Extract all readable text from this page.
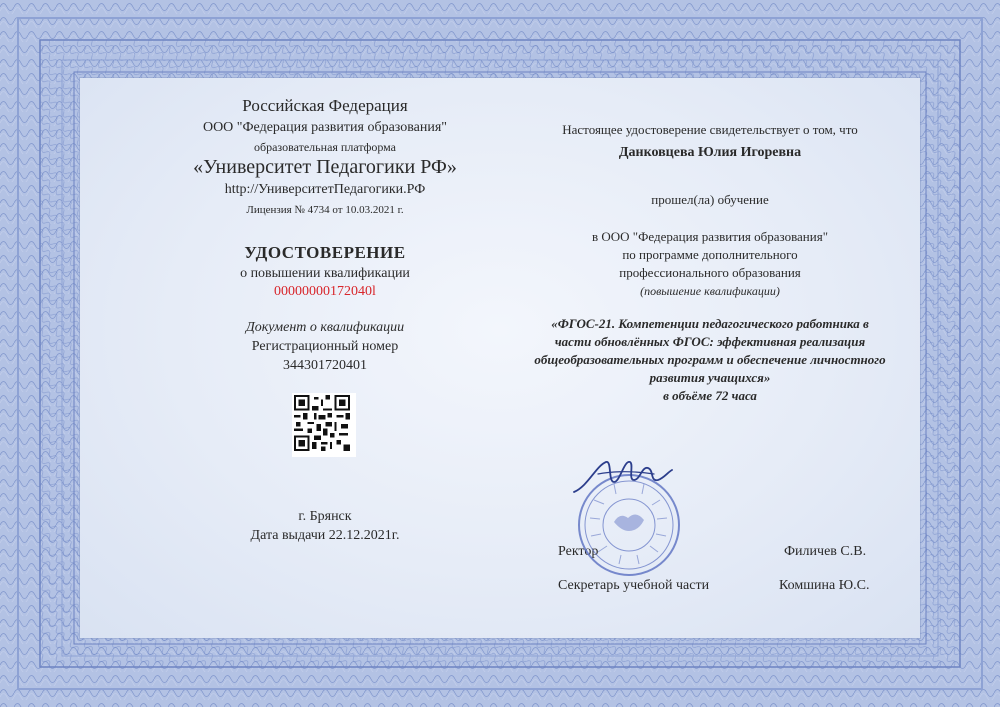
Российская Федерация
ООО "Федерация развития образования"
образовательная платформа
«Университет Педагогики РФ»
http://УниверситетПедагогики.РФ
Лицензия № 4734 от 10.03.2021 г.
УДОСТОВЕРЕНИЕ
о повышении квалификации
00000000172040l
Документ о квалификации
Регистрационный номер
344301720401
г. Брянск
Дата выдачи 22.12.2021г.
Настоящее удостоверение свидетельствует о том, что
Данковцева Юлия Игоревна
прошел(ла) обучение
в ООО "Федерация развития образования"
по программе дополнительного
профессионального образования
(повышение квалификации)
«ФГОС-21. Компетенции педагогического работника в
части обновлённых ФГОС: эффективная реализация
общеобразовательных программ и обеспечение личностного
развития учащихся»
в объёме 72 часа
Ректор	Филичев С.В.
Секретарь учебной части	Комшина Ю.С.
